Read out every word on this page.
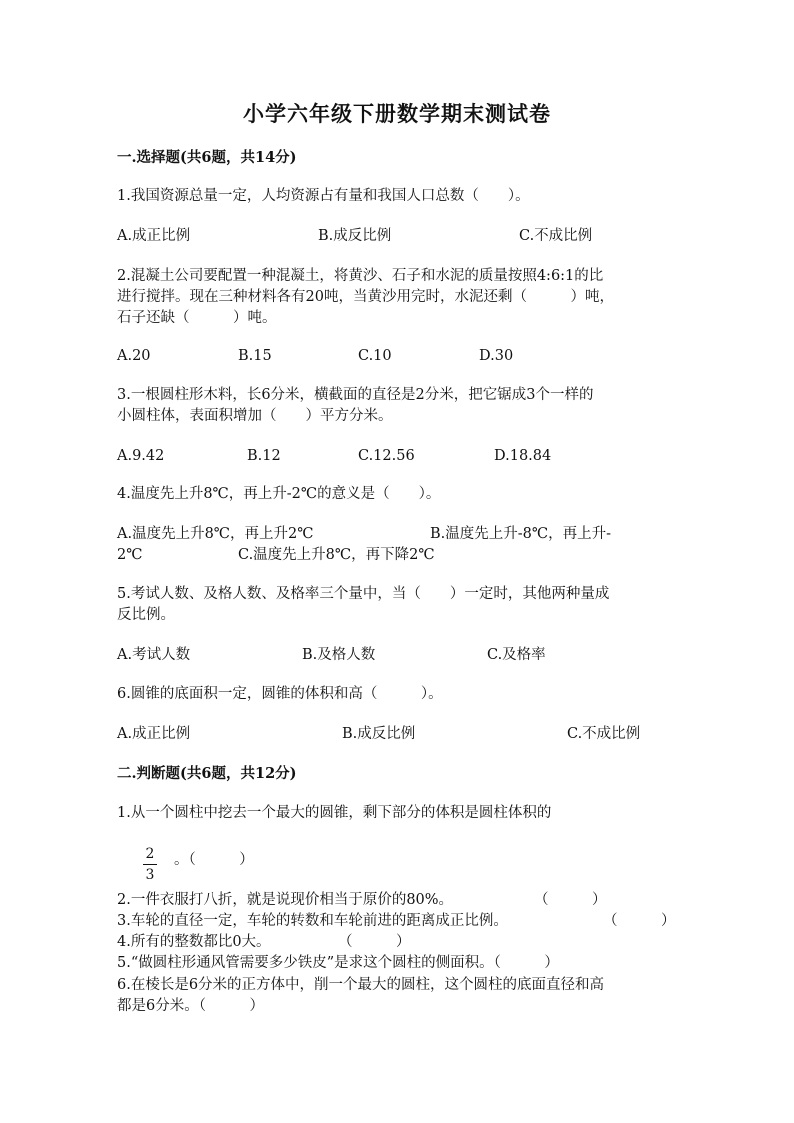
小学六年级下册数学期末测试卷
一.选择题(共6题，共14分)
1.我国资源总量一定，人均资源占有量和我国人口总数（　　）。
A.成正比例	B.成反比例	C.不成比例
2.混凝土公司要配置一种混凝土，将黄沙、石子和水泥的质量按照4:6:1的比
进行搅拌。现在三种材料各有20吨，当黄沙用完时，水泥还剩（　　　）吨，
石子还缺（　　　）吨。
A.20	B.15	C.10	D.30
3.一根圆柱形木料，长6分米，横截面的直径是2分米，把它锯成3个一样的
小圆柱体，表面积增加（　　）平方分米。
A.9.42	B.12	C.12.56	D.18.84
4.温度先上升8℃，再上升-2℃的意义是（　　）。
A.温度先上升8℃，再上升2℃	B.温度先上升-8℃，再上升-
2℃	C.温度先上升8℃，再下降2℃
5.考试人数、及格人数、及格率三个量中，当（　　）一定时，其他两种量成
反比例。
A.考试人数	B.及格人数	C.及格率
6.圆锥的底面积一定，圆锥的体积和高（　　　）。
A.成正比例	B.成反比例	C.不成比例
二.判断题(共6题，共12分)
1.从一个圆柱中挖去一个最大的圆锥，剩下部分的体积是圆柱体积的
2
3
。（　　　）
2.一件衣服打八折，就是说现价相当于原价的80%。	（　　　）
3.车轮的直径一定，车轮的转数和车轮前进的距离成正比例。	（　　　）
4.所有的整数都比0大。	（　　　）
5.“做圆柱形通风管需要多少铁皮”是求这个圆柱的侧面积。（　　　）
6.在棱长是6分米的正方体中，削一个最大的圆柱，这个圆柱的底面直径和高
都是6分米。（　　　）
